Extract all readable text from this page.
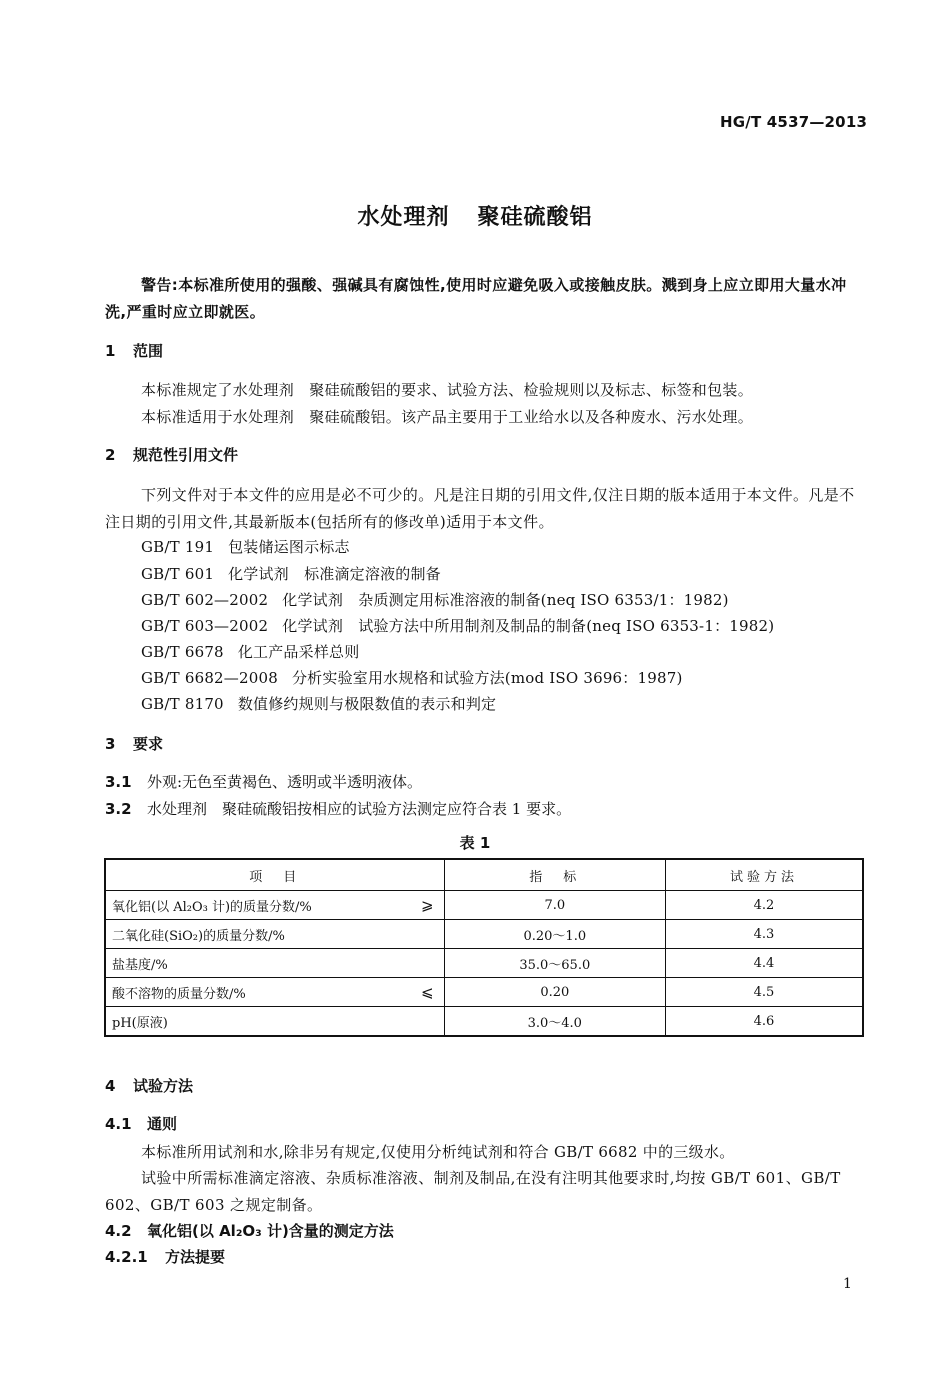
HG/T 4537—2013
水处理剂 聚硅硫酸铝
警告:本标准所使用的强酸、强碱具有腐蚀性,使用时应避免吸入或接触皮肤。溅到身上应立即用大量水冲洗,严重时应立即就医。
1 范围
本标准规定了水处理剂　聚硅硫酸铝的要求、试验方法、检验规则以及标志、标签和包装。
本标准适用于水处理剂　聚硅硫酸铝。该产品主要用于工业给水以及各种废水、污水处理。
2 规范性引用文件
下列文件对于本文件的应用是必不可少的。凡是注日期的引用文件,仅注日期的版本适用于本文件。凡是不注日期的引用文件,其最新版本(包括所有的修改单)适用于本文件。
GB/T 191 包装储运图示标志
GB/T 601 化学试剂　标准滴定溶液的制备
GB/T 602—2002 化学试剂　杂质测定用标准溶液的制备(neq ISO 6353/1：1982)
GB/T 603—2002 化学试剂　试验方法中所用制剂及制品的制备(neq ISO 6353-1：1982)
GB/T 6678 化工产品采样总则
GB/T 6682—2008 分析实验室用水规格和试验方法(mod ISO 3696：1987)
GB/T 8170 数值修约规则与极限数值的表示和判定
3 要求
3.1 外观:无色至黄褐色、透明或半透明液体。
3.2 水处理剂　聚硅硫酸铝按相应的试验方法测定应符合表 1 要求。
表 1
项　目	指　标	试验方法
氧化铝(以 Al₂O₃ 计)的质量分数/% ⩾	7.0	4.2
二氧化硅(SiO₂)的质量分数/%	0.20～1.0	4.3
盐基度/%	35.0～65.0	4.4
酸不溶物的质量分数/% ⩽	0.20	4.5
pH(原液)	3.0～4.0	4.6
4 试验方法
4.1 通则
本标准所用试剂和水,除非另有规定,仅使用分析纯试剂和符合 GB/T 6682 中的三级水。
试验中所需标准滴定溶液、杂质标准溶液、制剂及制品,在没有注明其他要求时,均按 GB/T 601、GB/T 602、GB/T 603 之规定制备。
4.2 氧化铝(以 Al₂O₃ 计)含量的测定方法
4.2.1 方法提要
1
